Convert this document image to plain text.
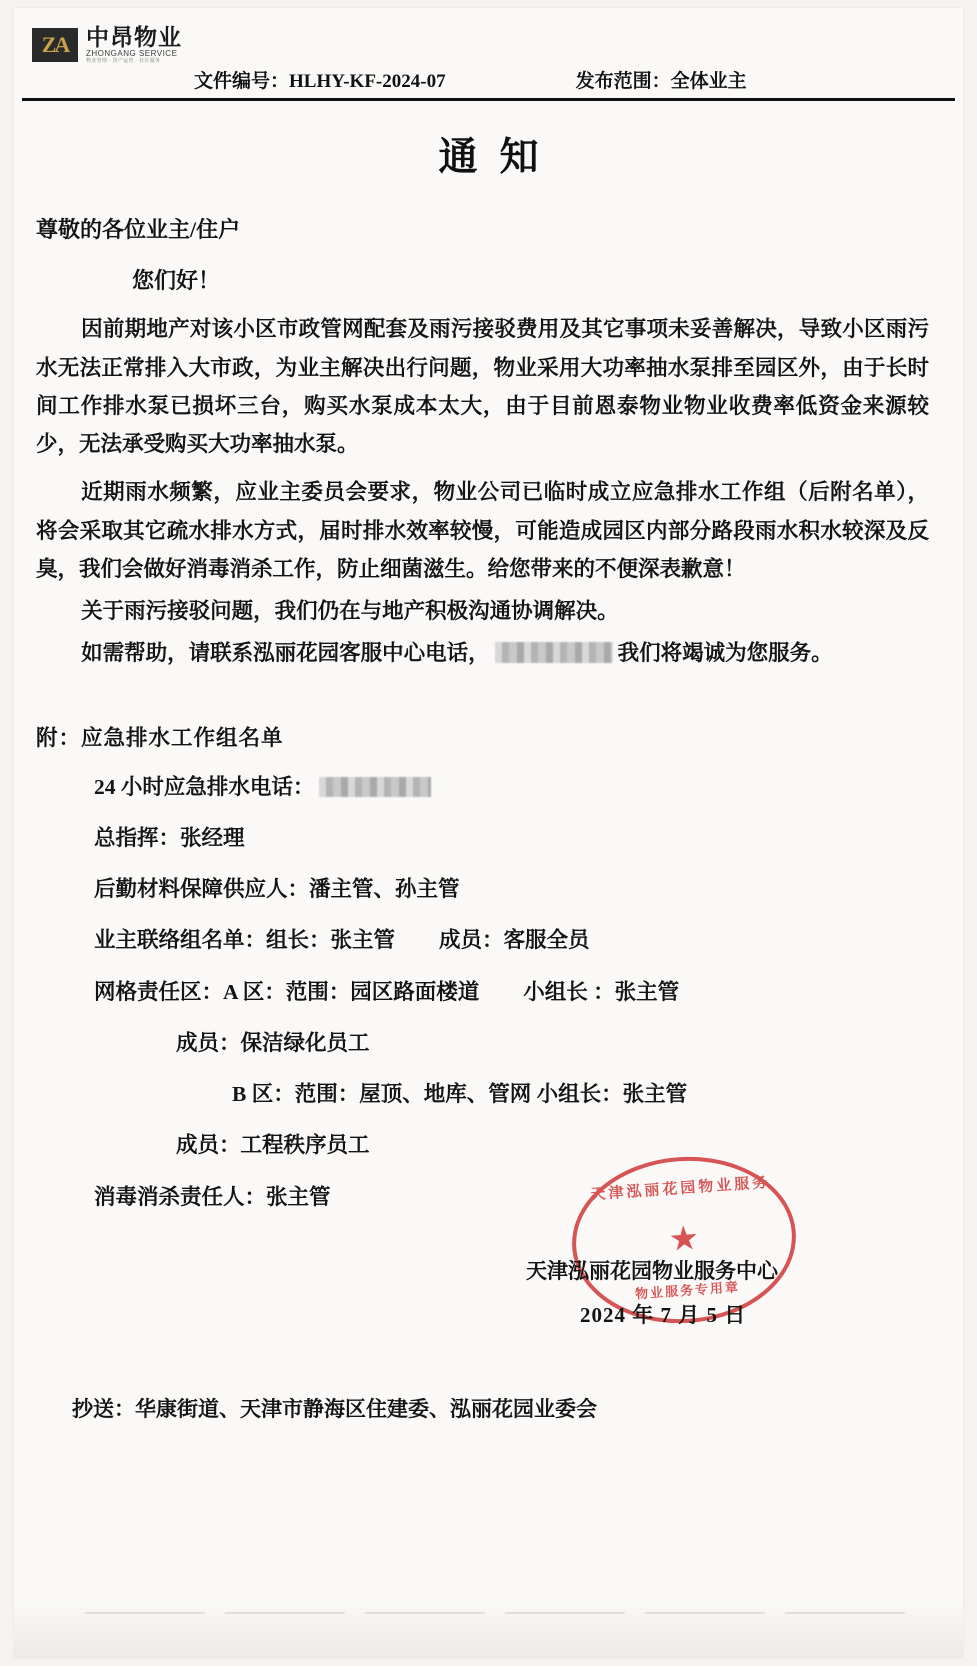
ZA 中昂物业
ZHONGANG SERVICE
物业管理 · 资产运营 · 社区服务
文件编号：HLHY-KF-2024-07	发布范围：全体业主
通知
尊敬的各位业主/住户
您们好！
因前期地产对该小区市政管网配套及雨污接驳费用及其它事项未妥善解决，导致小区雨污水无法正常排入大市政，为业主解决出行问题，物业采用大功率抽水泵排至园区外，由于长时间工作排水泵已损坏三台，购买水泵成本太大，由于目前恩泰物业物业收费率低资金来源较少，无法承受购买大功率抽水泵。
近期雨水频繁，应业主委员会要求，物业公司已临时成立应急排水工作组（后附名单），将会采取其它疏水排水方式，届时排水效率较慢，可能造成园区内部分路段雨水积水较深及反臭，我们会做好消毒消杀工作，防止细菌滋生。给您带来的不便深表歉意！
关于雨污接驳问题，我们仍在与地产积极沟通协调解决。
如需帮助，请联系泓丽花园客服中心电话，	我们将竭诚为您服务。
附：应急排水工作组名单
24 小时应急排水电话：
总指挥：张经理
后勤材料保障供应人：潘主管、孙主管
业主联络组名单：组长：张主管 成员：客服全员
网格责任区：A 区：范围：园区路面楼道 小组长 ：张主管
成员：保洁绿化员工
B 区：范围：屋顶、地库、管网 小组长：张主管
成员：工程秩序员工
消毒消杀责任人：张主管	天津泓丽花园物业服务
★
物业服务专用章
天津泓丽花园物业服务中心
2024 年 7 月 5 日
抄送：华康街道、天津市静海区住建委、泓丽花园业委会
